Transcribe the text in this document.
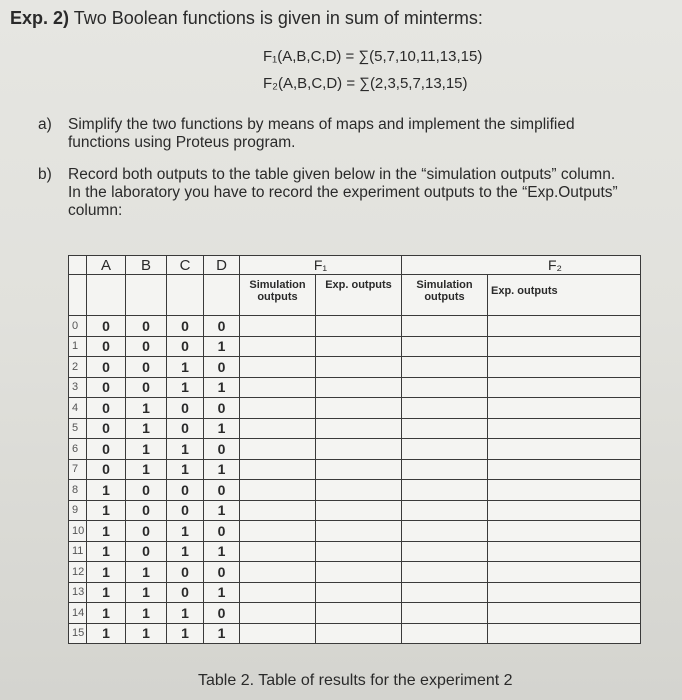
Exp. 2) Two Boolean functions is given in sum of minterms:
F₁(A,B,C,D) = ∑(5,7,10,11,13,15)
F₂(A,B,C,D) = ∑(2,3,5,7,13,15)
a) Simplify the two functions by means of maps and implement the simplified
functions using Proteus program.
b) Record both outputs to the table given below in the “simulation outputs” column.
In the laboratory you have to record the experiment outputs to the “Exp.Outputs”
column:
	A	B	C	D	F₁		F₂	
					Simulation outputs	Exp. outputs	Simulation outputs	Exp. outputs
0	0	0	0	0				
1	0	0	0	1				
2	0	0	1	0				
3	0	0	1	1				
4	0	1	0	0				
5	0	1	0	1				
6	0	1	1	0				
7	0	1	1	1				
8	1	0	0	0				
9	1	0	0	1				
10	1	0	1	0				
11	1	0	1	1				
12	1	1	0	0				
13	1	1	0	1				
14	1	1	1	0				
15	1	1	1	1				
Table 2. Table of results for the experiment 2
